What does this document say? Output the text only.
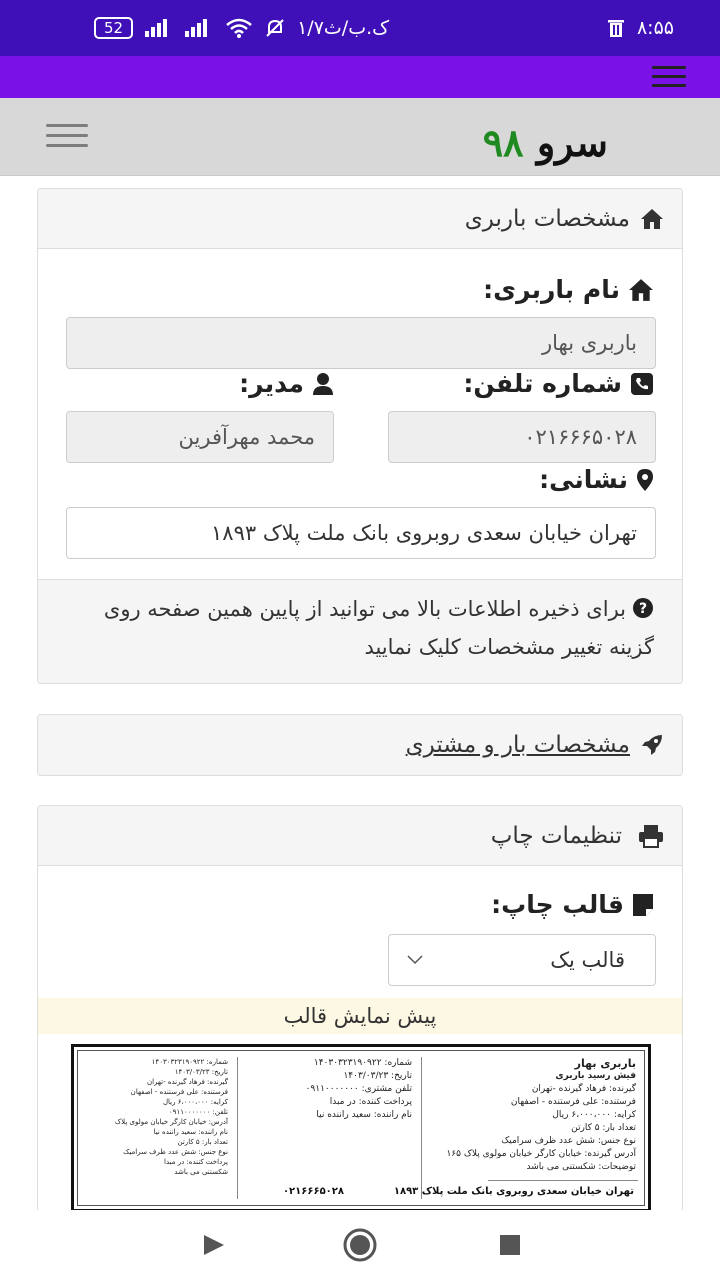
52	۱/۷ک.ب/ث	۸:۵۵
سرو ۹۸
مشخصات باربری
نام باربری:
باربری بهار
شماره تلفن:
مدیر:
۰۲۱۶۶۶۵۰۲۸
محمد مهرآفرین
نشانی:
تهران خیابان سعدی روبروی بانک ملت پلاک ۱۸۹۳
?
برای ذخیره اطلاعات بالا می توانید از پایین همین صفحه روی گزینه تغییر مشخصات کلیک نمایید
مشخصات بار و مشتری
تنظیمات چاپ
قالب چاپ:
قالب یک
پیش نمایش قالب
باربری بهار
فیش رسید باربری
گیرنده: فرهاد گیرنده -تهران
فرستنده: علی فرستنده - اصفهان
کرایه: ۶،۰۰۰،۰۰۰ ریال
تعداد بار: ۵ کارتن
نوع جنس: شش عدد ظرف سرامیک
آدرس گیرنده: خیابان کارگر خیابان مولوی پلاک ۱۶۵
توضیحات: شکستنی می باشد
شماره: ۱۴۰۳۰۳۲۳۱۹۰۹۲۲
تاریخ: ۱۴۰۳/۰۳/۲۳
تلفن مشتری: ۰۹۱۱۰۰۰۰۰۰۰
پرداخت کننده: در مبدا
نام راننده: سعید راننده نیا
شماره: ۱۴۰۳۰۳۲۳۱۹۰۹۲۲
تاریخ: ۱۴۰۳/۰۳/۲۳
گیرنده: فرهاد گیرنده -تهران
فرستنده: علی فرستنده - اصفهان
کرایه: ۶،۰۰۰،۰۰۰ ریال
تلفن: ۰۹۱۱۰۰۰۰۰۰۰
آدرس: خیابان کارگر خیابان مولوی پلاک
نام راننده: سعید راننده نیا
تعداد بار: ۵ کارتن
نوع جنس: شش عدد ظرف سرامیک
پرداخت کننده: در مبدا
شکستنی می باشد
تهران خیابان سعدی روبروی بانک ملت پلاک ۱۸۹۳
۰۲۱۶۶۶۵۰۲۸
